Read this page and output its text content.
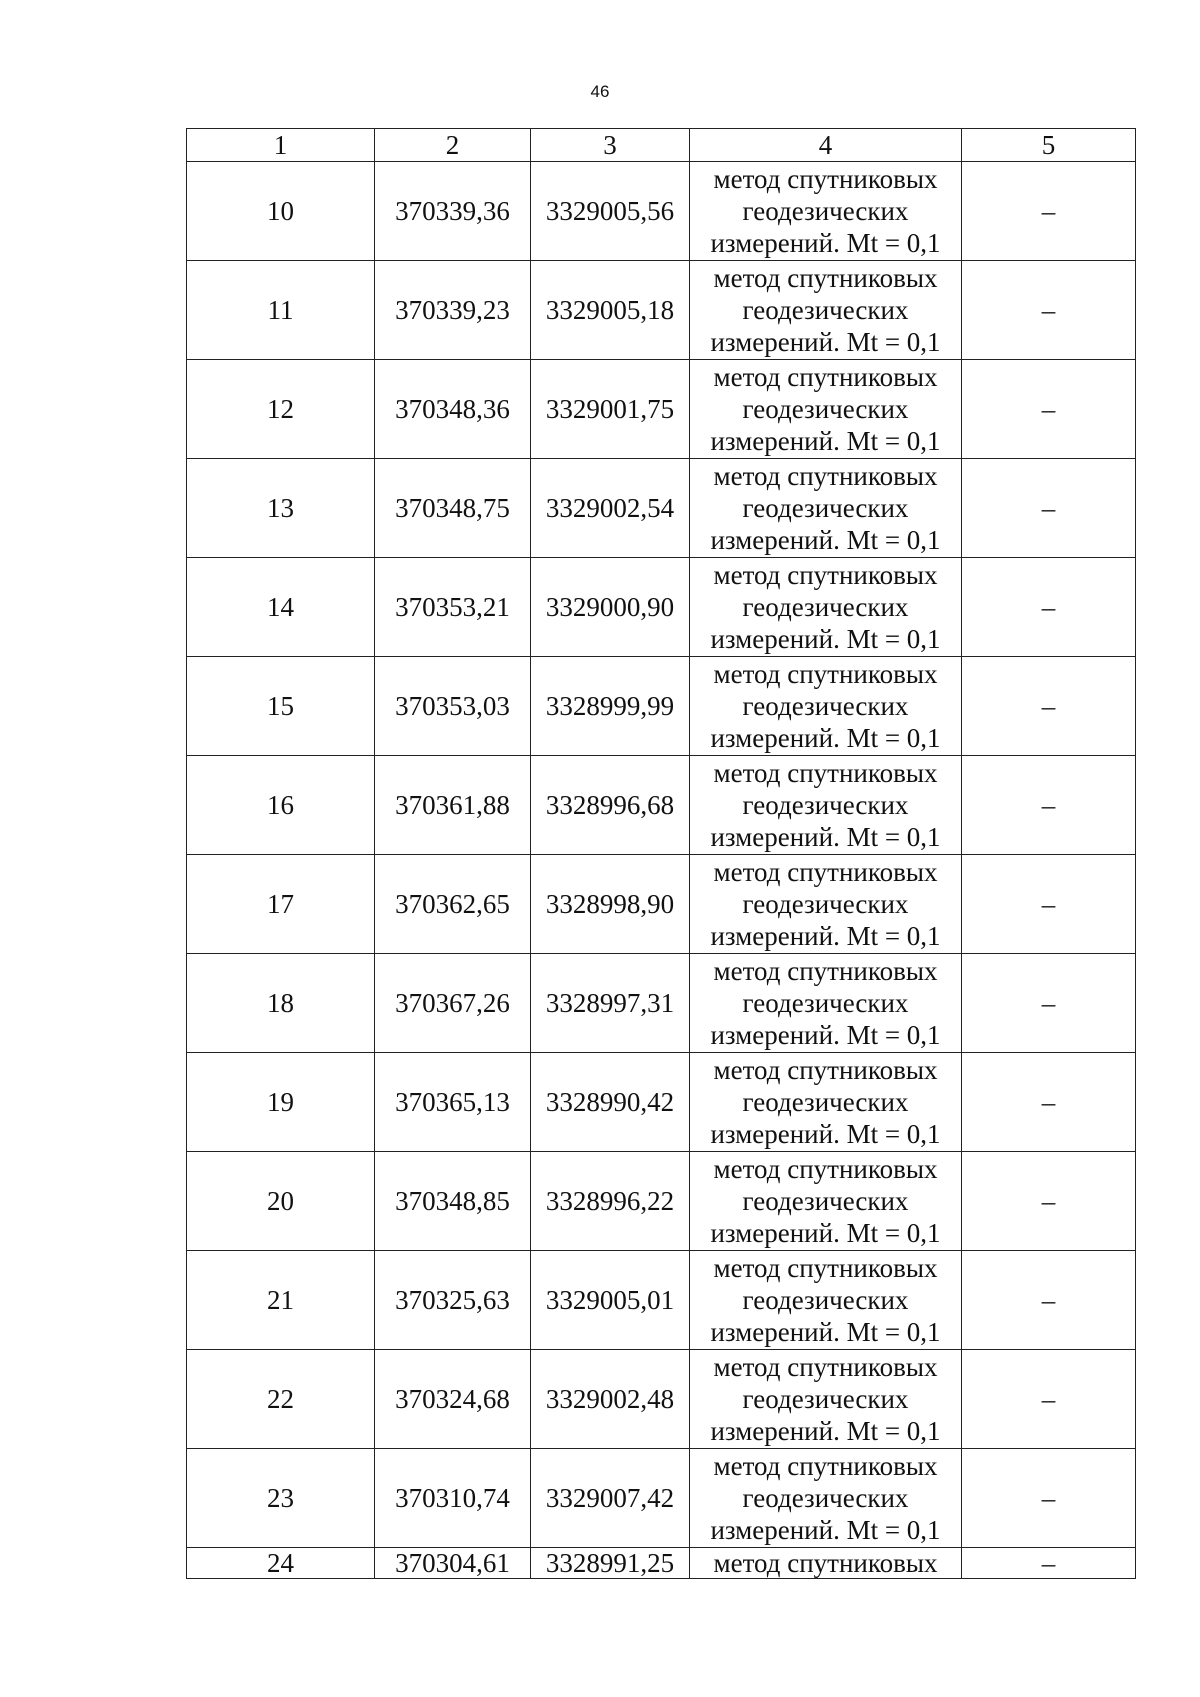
46
1	2	3	4	5
10	370339,36	3329005,56	метод спутниковых
геодезических
измерений. Mt = 0,1	–
11	370339,23	3329005,18	метод спутниковых
геодезических
измерений. Mt = 0,1	–
12	370348,36	3329001,75	метод спутниковых
геодезических
измерений. Mt = 0,1	–
13	370348,75	3329002,54	метод спутниковых
геодезических
измерений. Mt = 0,1	–
14	370353,21	3329000,90	метод спутниковых
геодезических
измерений. Mt = 0,1	–
15	370353,03	3328999,99	метод спутниковых
геодезических
измерений. Mt = 0,1	–
16	370361,88	3328996,68	метод спутниковых
геодезических
измерений. Mt = 0,1	–
17	370362,65	3328998,90	метод спутниковых
геодезических
измерений. Mt = 0,1	–
18	370367,26	3328997,31	метод спутниковых
геодезических
измерений. Mt = 0,1	–
19	370365,13	3328990,42	метод спутниковых
геодезических
измерений. Mt = 0,1	–
20	370348,85	3328996,22	метод спутниковых
геодезических
измерений. Mt = 0,1	–
21	370325,63	3329005,01	метод спутниковых
геодезических
измерений. Mt = 0,1	–
22	370324,68	3329002,48	метод спутниковых
геодезических
измерений. Mt = 0,1	–
23	370310,74	3329007,42	метод спутниковых
геодезических
измерений. Mt = 0,1	–
24	370304,61	3328991,25	метод спутниковых	–
